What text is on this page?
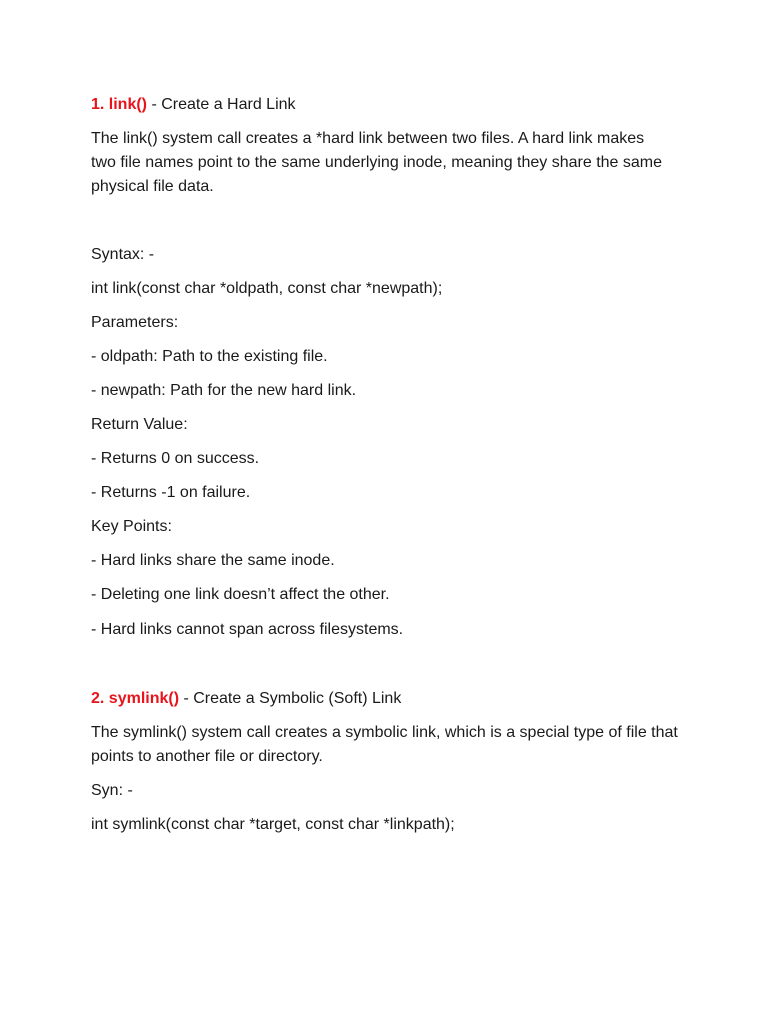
1. link() - Create a Hard Link

The link() system call creates a *hard link between two files. A hard link makes

two file names point to the same underlying inode, meaning they share the same

physical file data.

Syntax: -

int link(const char *oldpath, const char *newpath);

Parameters:

- oldpath: Path to the existing file.

- newpath: Path for the new hard link.

Return Value:

- Returns 0 on success.

- Returns -1 on failure.

Key Points:

- Hard links share the same inode.

- Deleting one link doesn’t affect the other.

- Hard links cannot span across filesystems.

2. symlink() - Create a Symbolic (Soft) Link

The symlink() system call creates a symbolic link, which is a special type of file that

points to another file or directory.

Syn: -

int symlink(const char *target, const char *linkpath);
